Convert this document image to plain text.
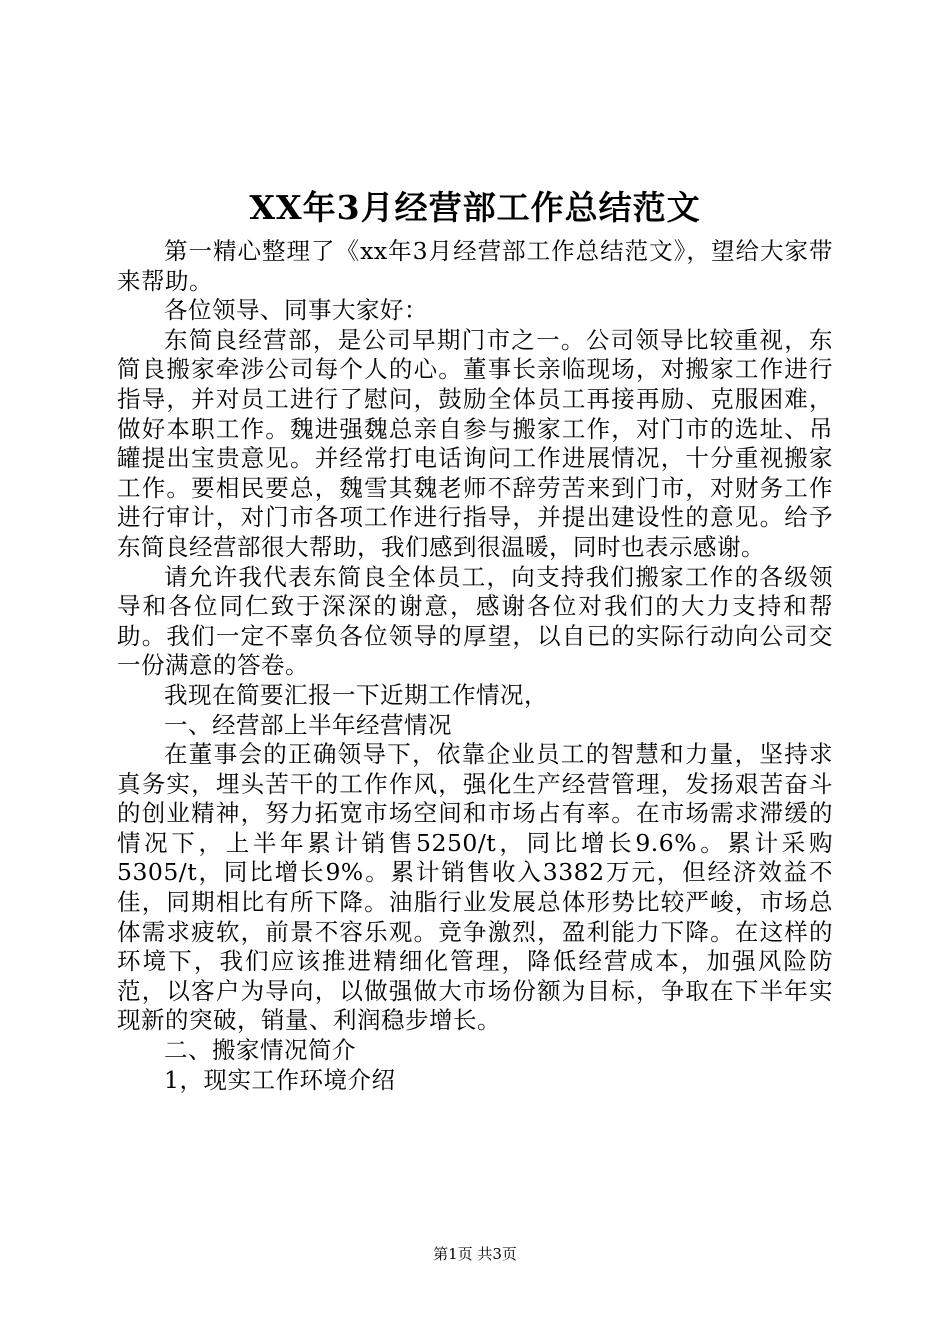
XX年3月经营部工作总结范文

第一精心整理了《xx年3月经营部工作总结范文》，望给大家带来帮助。

各位领导、同事大家好：

东简良经营部，是公司早期门市之一。公司领导比较重视，东简良搬家牵涉公司每个人的心。董事长亲临现场，对搬家工作进行指导，并对员工进行了慰问，鼓励全体员工再接再励、克服困难，做好本职工作。魏进强魏总亲自参与搬家工作，对门市的选址、吊罐提出宝贵意见。并经常打电话询问工作进展情况，十分重视搬家工作。要相民要总，魏雪其魏老师不辞劳苦来到门市，对财务工作进行审计，对门市各项工作进行指导，并提出建设性的意见。给予东简良经营部很大帮助，我们感到很温暖，同时也表示感谢。

请允许我代表东简良全体员工，向支持我们搬家工作的各级领导和各位同仁致于深深的谢意，感谢各位对我们的大力支持和帮助。我们一定不辜负各位领导的厚望，以自已的实际行动向公司交一份满意的答卷。

我现在简要汇报一下近期工作情况，

一、经营部上半年经营情况

在董事会的正确领导下，依靠企业员工的智慧和力量，坚持求真务实，埋头苦干的工作作风，强化生产经营管理，发扬艰苦奋斗的创业精神，努力拓宽市场空间和市场占有率。在市场需求滞缓的情况下，上半年累计销售5250/t，同比增长9.6%。累计采购5305/t，同比增长9%。累计销售收入3382万元，但经济效益不佳，同期相比有所下降。油脂行业发展总体形势比较严峻，市场总体需求疲软，前景不容乐观。竞争激烈，盈利能力下降。在这样的环境下，我们应该推进精细化管理，降低经营成本，加强风险防范，以客户为导向，以做强做大市场份额为目标，争取在下半年实现新的突破，销量、利润稳步增长。

二、搬家情况简介

1，现实工作环境介绍

第1页 共3页
